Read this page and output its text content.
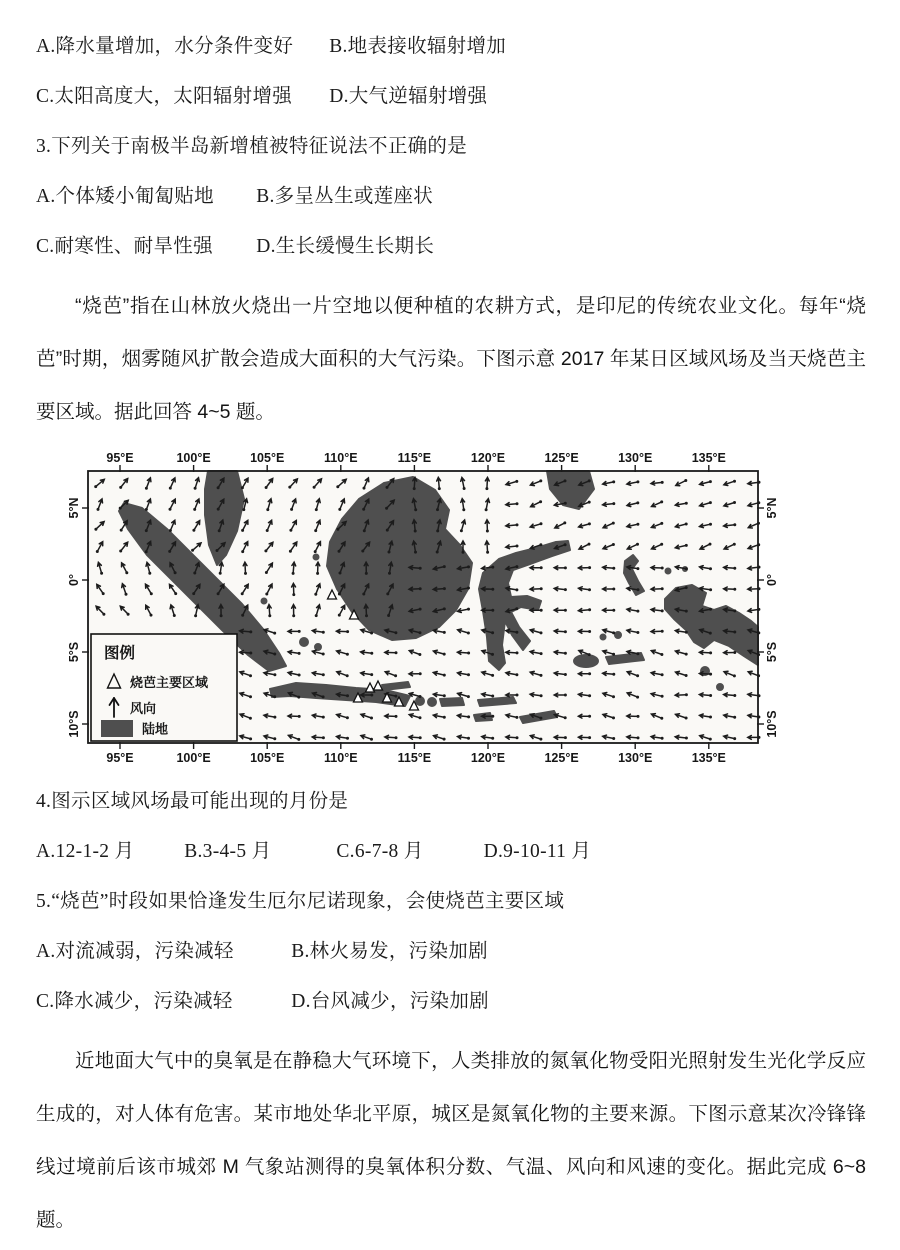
A.降水量增加，水分条件变好 B.地表接收辐射增加
C.太阳高度大，太阳辐射增强 D.大气逆辐射增强
3.下列关于南极半岛新增植被特征说法不正确的是
A.个体矮小匍匐贴地 B.多呈丛生或莲座状
C.耐寒性、耐旱性强 D.生长缓慢生长期长

“烧芭”指在山林放火烧出一片空地以便种植的农耕方式，是印尼的传统农业文化。每年“烧芭”时期，烟雾随风扩散会造成大面积的大气污染。下图示意 2017 年某日区域风场及当天烧芭主要区域。据此回答 4~5 题。

95°E	100°E	105°E	110°E	115°E	120°E	125°E	130°E	135°E
95°E	100°E	105°E	110°E	115°E	120°E	125°E	130°E	135°E
5°N
0°
5°S
10°S
5°N
0°
5°S
10°S
图例
烧芭主要区域
风向
陆地
4.图示区域风场最可能出现的月份是
A.12-1-2 月	B.3-4-5 月	C.6-7-8 月	D.9-10-11 月
5.“烧芭”时段如果恰逢发生厄尔尼诺现象，会使烧芭主要区域
A.对流减弱，污染减轻	B.林火易发，污染加剧
C.降水减少，污染减轻	D.台风减少，污染加剧

近地面大气中的臭氧是在静稳大气环境下，人类排放的氮氧化物受阳光照射发生光化学反应生成的，对人体有危害。某市地处华北平原，城区是氮氧化物的主要来源。下图示意某次冷锋锋线过境前后该市城郊 M 气象站测得的臭氧体积分数、气温、风向和风速的变化。据此完成 6~8 题。
